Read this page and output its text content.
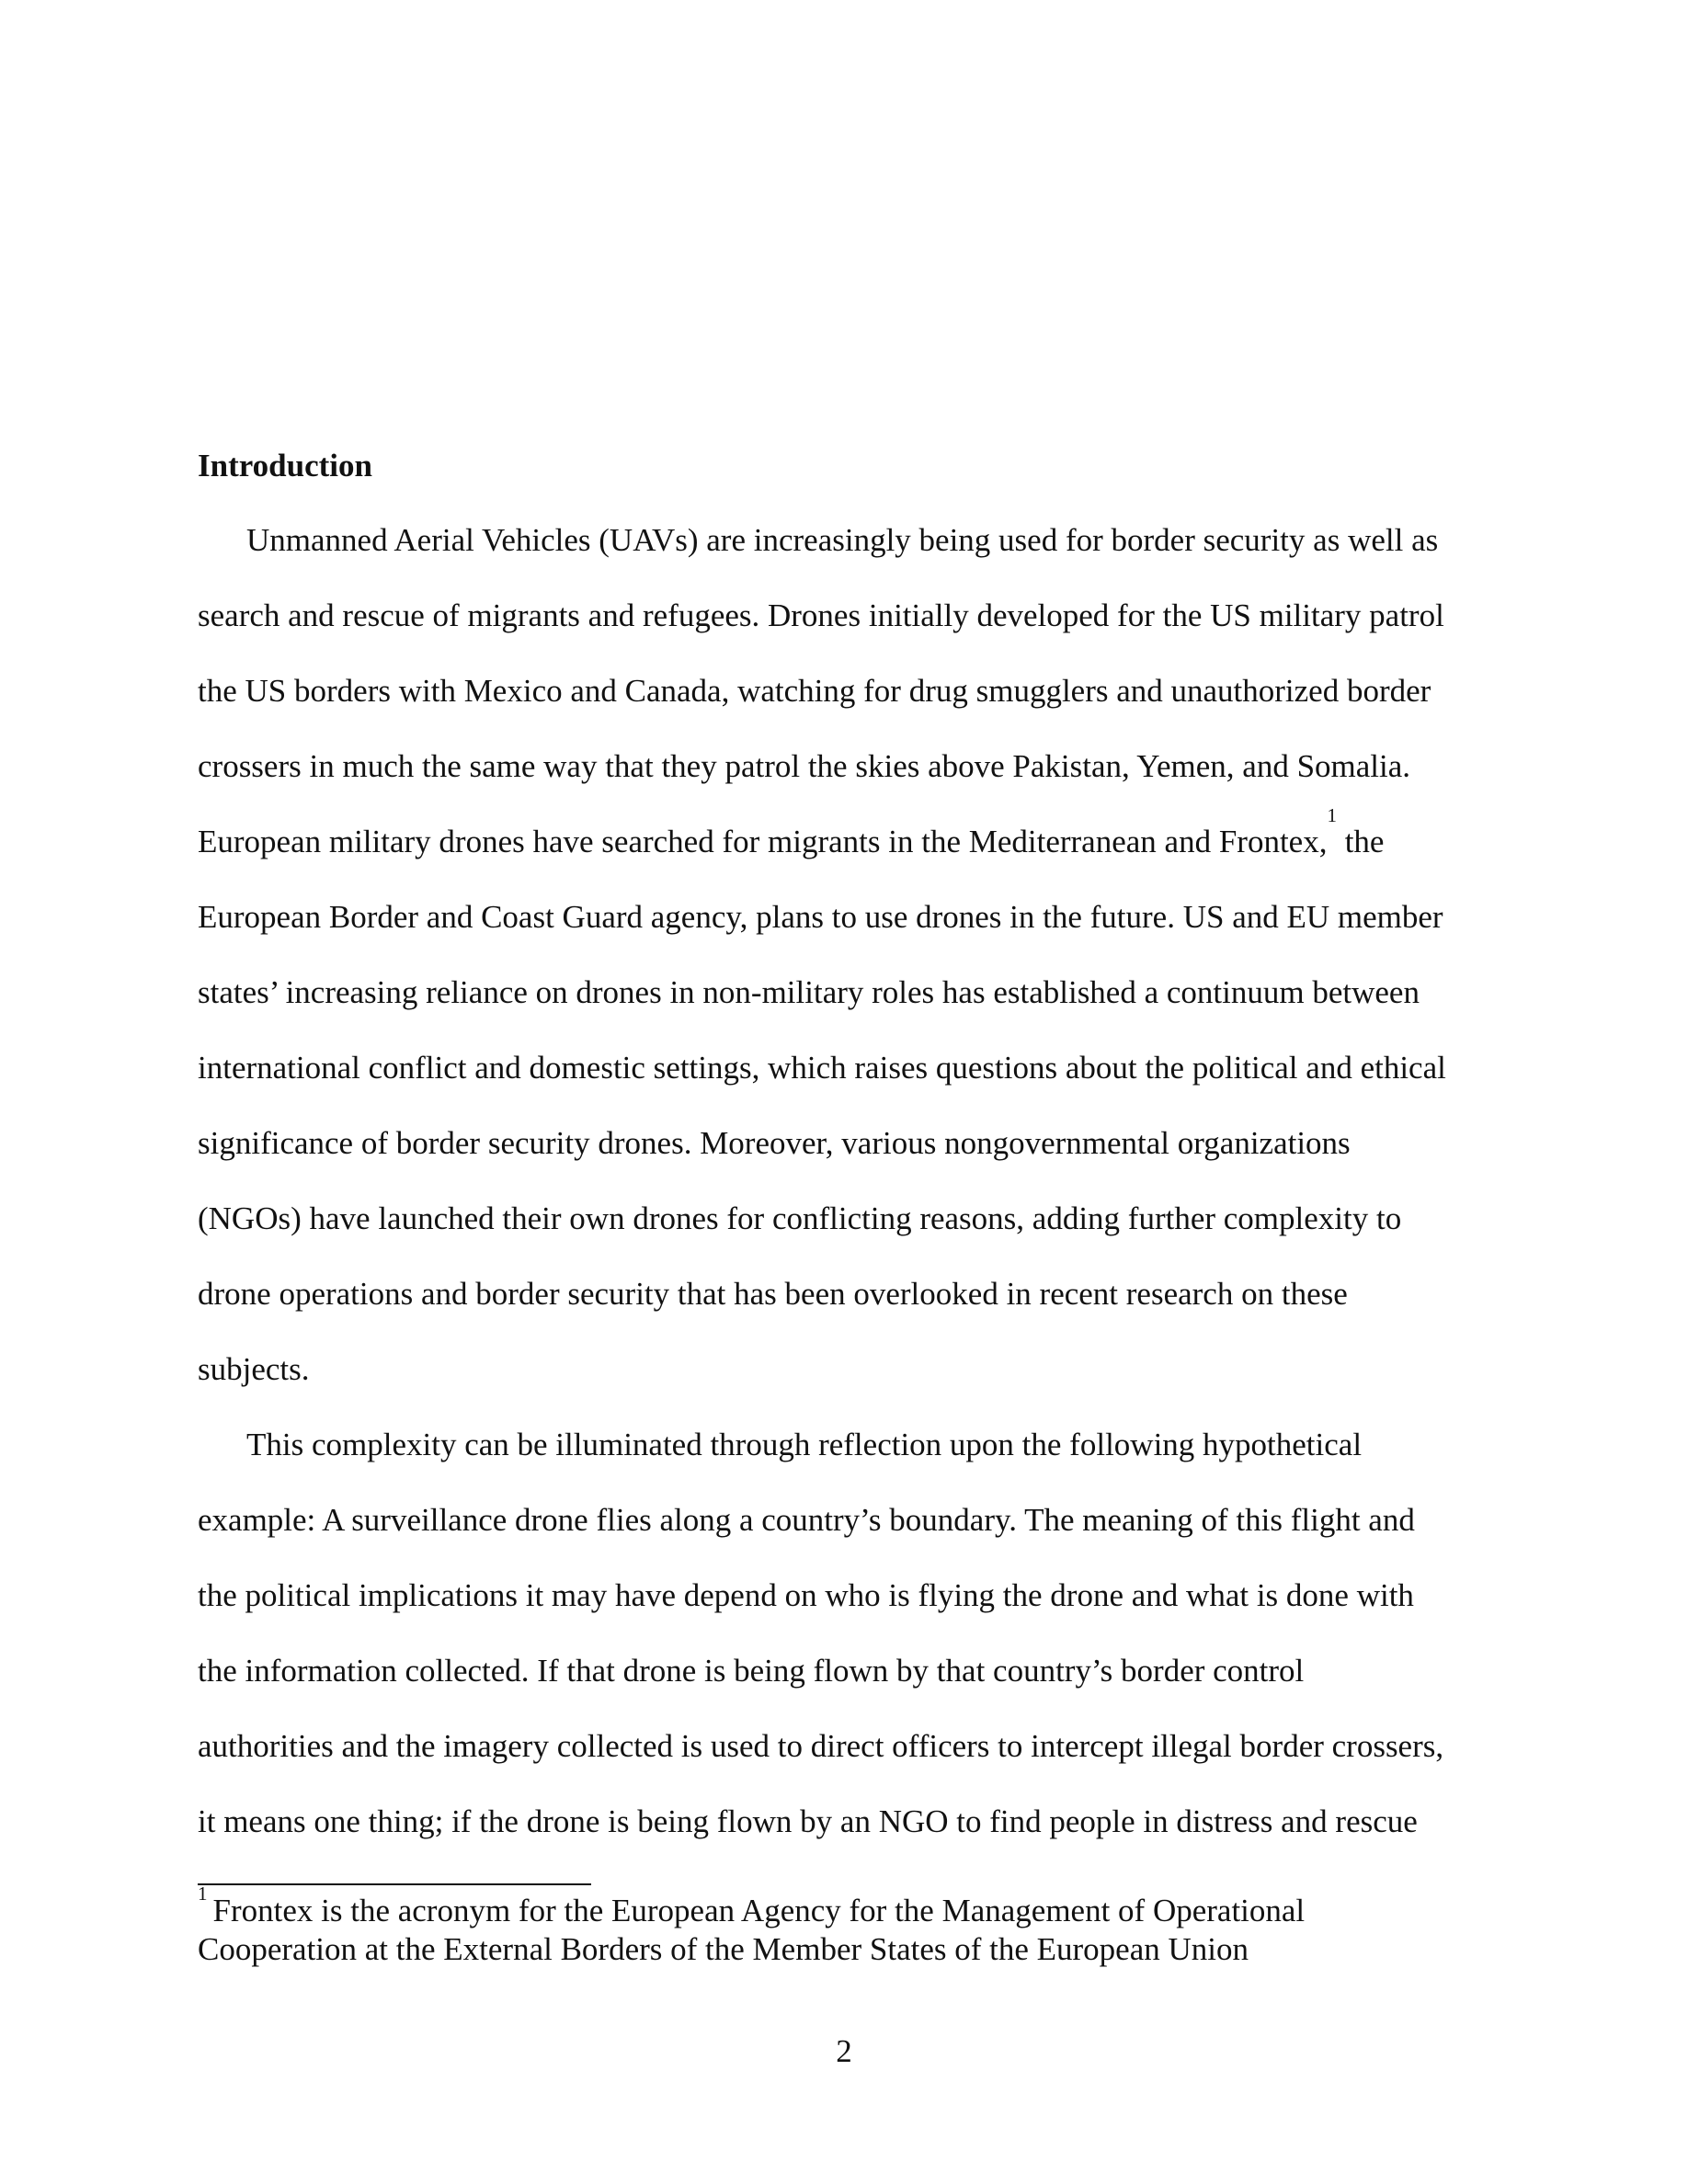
Introduction

Unmanned Aerial Vehicles (UAVs) are increasingly being used for border security as well as

search and rescue of migrants and refugees. Drones initially developed for the US military patrol

the US borders with Mexico and Canada, watching for drug smugglers and unauthorized border

crossers in much the same way that they patrol the skies above Pakistan, Yemen, and Somalia.

European military drones have searched for migrants in the Mediterranean and Frontex,$^1$ the

European Border and Coast Guard agency, plans to use drones in the future. US and EU member

states’ increasing reliance on drones in non-military roles has established a continuum between

international conflict and domestic settings, which raises questions about the political and ethical

significance of border security drones. Moreover, various nongovernmental organizations

(NGOs) have launched their own drones for conflicting reasons, adding further complexity to

drone operations and border security that has been overlooked in recent research on these

subjects.

This complexity can be illuminated through reflection upon the following hypothetical

example: A surveillance drone flies along a country’s boundary. The meaning of this flight and

the political implications it may have depend on who is flying the drone and what is done with

the information collected. If that drone is being flown by that country’s border control

authorities and the imagery collected is used to direct officers to intercept illegal border crossers,

it means one thing; if the drone is being flown by an NGO to find people in distress and rescue

$^1$ Frontex is the acronym for the European Agency for the Management of Operational
Cooperation at the External Borders of the Member States of the European Union

2
